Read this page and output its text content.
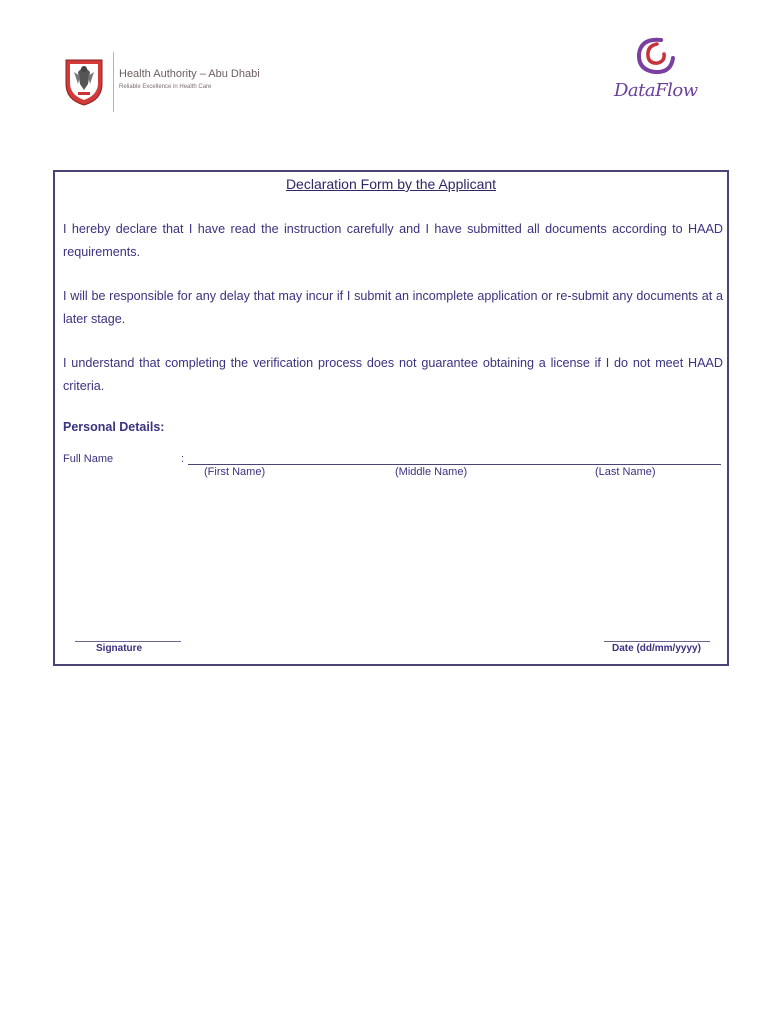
Health Authority – Abu Dhabi
Reliable Excellence in Health Care	DataFlow
Declaration Form by the Applicant
I hereby declare that I have read the instruction carefully and I have submitted all documents according to HAAD requirements.
I will be responsible for any delay that may incur if I submit an incomplete application or re-submit any documents at a later stage.
I understand that completing the verification process does not guarantee obtaining a license if I do not meet HAAD criteria.
Personal Details:
Full Name	:
(First Name)	(Middle Name)	(Last Name)
Signature	Date (dd/mm/yyyy)
